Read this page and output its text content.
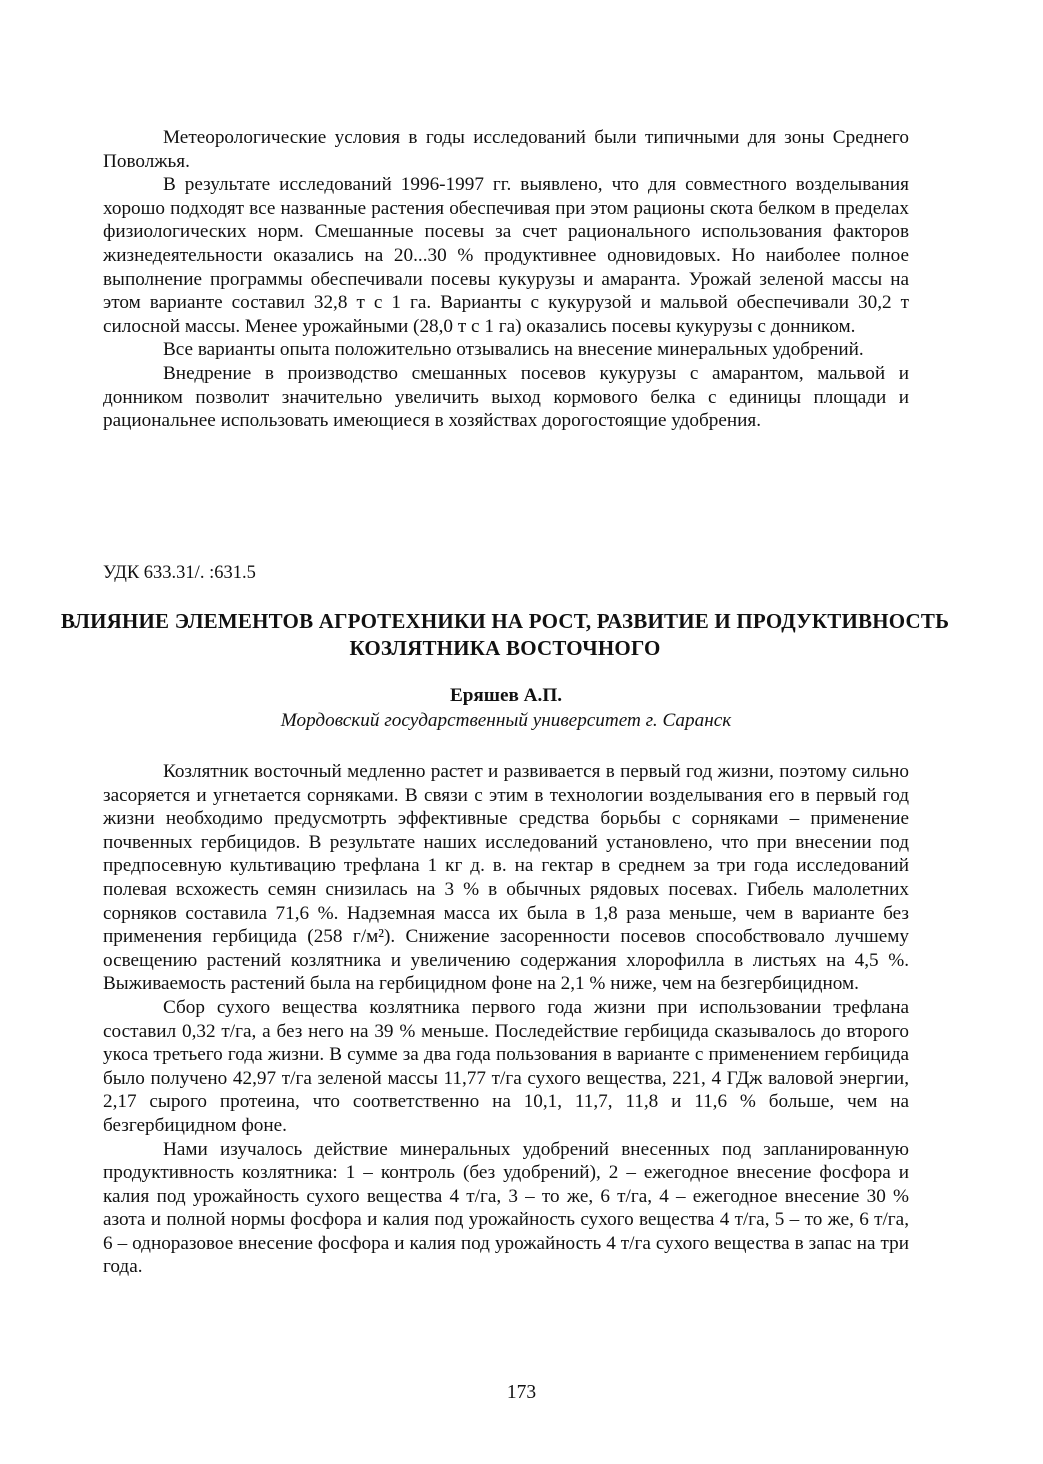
Метеорологические условия в годы исследований были типичными для зоны Среднего Поволжья.

В результате исследований 1996-1997 гг. выявлено, что для совместного возделывания хорошо подходят все названные растения обеспечивая при этом рационы скота белком в пределах физиологических норм. Смешанные посевы за счет рационального использования факторов жизнедеятельности оказались на 20...30 % продуктивнее одновидовых. Но наиболее полное выполнение программы обеспечивали посевы кукурузы и амаранта. Урожай зеленой массы на этом варианте составил 32,8 т с 1 га. Варианты с кукурузой и мальвой обеспечивали 30,2 т силосной массы. Менее урожайными (28,0 т с 1 га) оказались посевы кукурузы с донником.

Все варианты опыта положительно отзывались на внесение минеральных удобрений.

Внедрение в производство смешанных посевов кукурузы с амарантом, мальвой и донником позволит значительно увеличить выход кормового белка с единицы площади и рациональнее использовать имеющиеся в хозяйствах дорогостоящие удобрения.

УДК 633.31/. :631.5

ВЛИЯНИЕ ЭЛЕМЕНТОВ АГРОТЕХНИКИ НА РОСТ, РАЗВИТИЕ И ПРОДУКТИВНОСТЬ КОЗЛЯТНИКА ВОСТОЧНОГО

Еряшев А.П.

Мордовский государственный университет г. Саранск

Козлятник восточный медленно растет и развивается в первый год жизни, поэтому сильно засоряется и угнетается сорняками. В связи с этим в технологии возделывания его в первый год жизни необходимо предусмотрть эффективные средства борьбы с сорняками – применение почвенных гербицидов. В результате наших исследований установлено, что при внесении под предпосевную культивацию трефлана 1 кг д. в. на гектар в среднем за три года исследований полевая всхожесть семян снизилась на 3 % в обычных рядовых посевах. Гибель малолетних сорняков составила 71,6 %. Надземная масса их была в 1,8 раза меньше, чем в варианте без применения гербицида (258 г/м²). Снижение засоренности посевов способствовало лучшему освещению растений козлятника и увеличению содержания хлорофилла в листьях на 4,5 %. Выживаемость растений была на гербицидном фоне на 2,1 % ниже, чем на безгербицидном.

Сбор сухого вещества козлятника первого года жизни при использовании трефлана составил 0,32 т/га, а без него на 39 % меньше. Последействие гербицида сказывалось до второго укоса третьего года жизни. В сумме за два года пользования в варианте с применением гербицида было получено 42,97 т/га зеленой массы 11,77 т/га сухого вещества, 221, 4 ГДж валовой энергии, 2,17 сырого протеина, что соответственно на 10,1, 11,7, 11,8 и 11,6 % больше, чем на безгербицидном фоне.

Нами изучалось действие минеральных удобрений внесенных под запланированную продуктивность козлятника: 1 – контроль (без удобрений), 2 – ежегодное внесение фосфора и калия под урожайность сухого вещества 4 т/га, 3 – то же, 6 т/га, 4 – ежегодное внесение 30 % азота и полной нормы фосфора и калия под урожайность сухого вещества 4 т/га, 5 – то же, 6 т/га, 6 – одноразовое внесение фосфора и калия под урожайность 4 т/га сухого вещества в запас на три года.

173
